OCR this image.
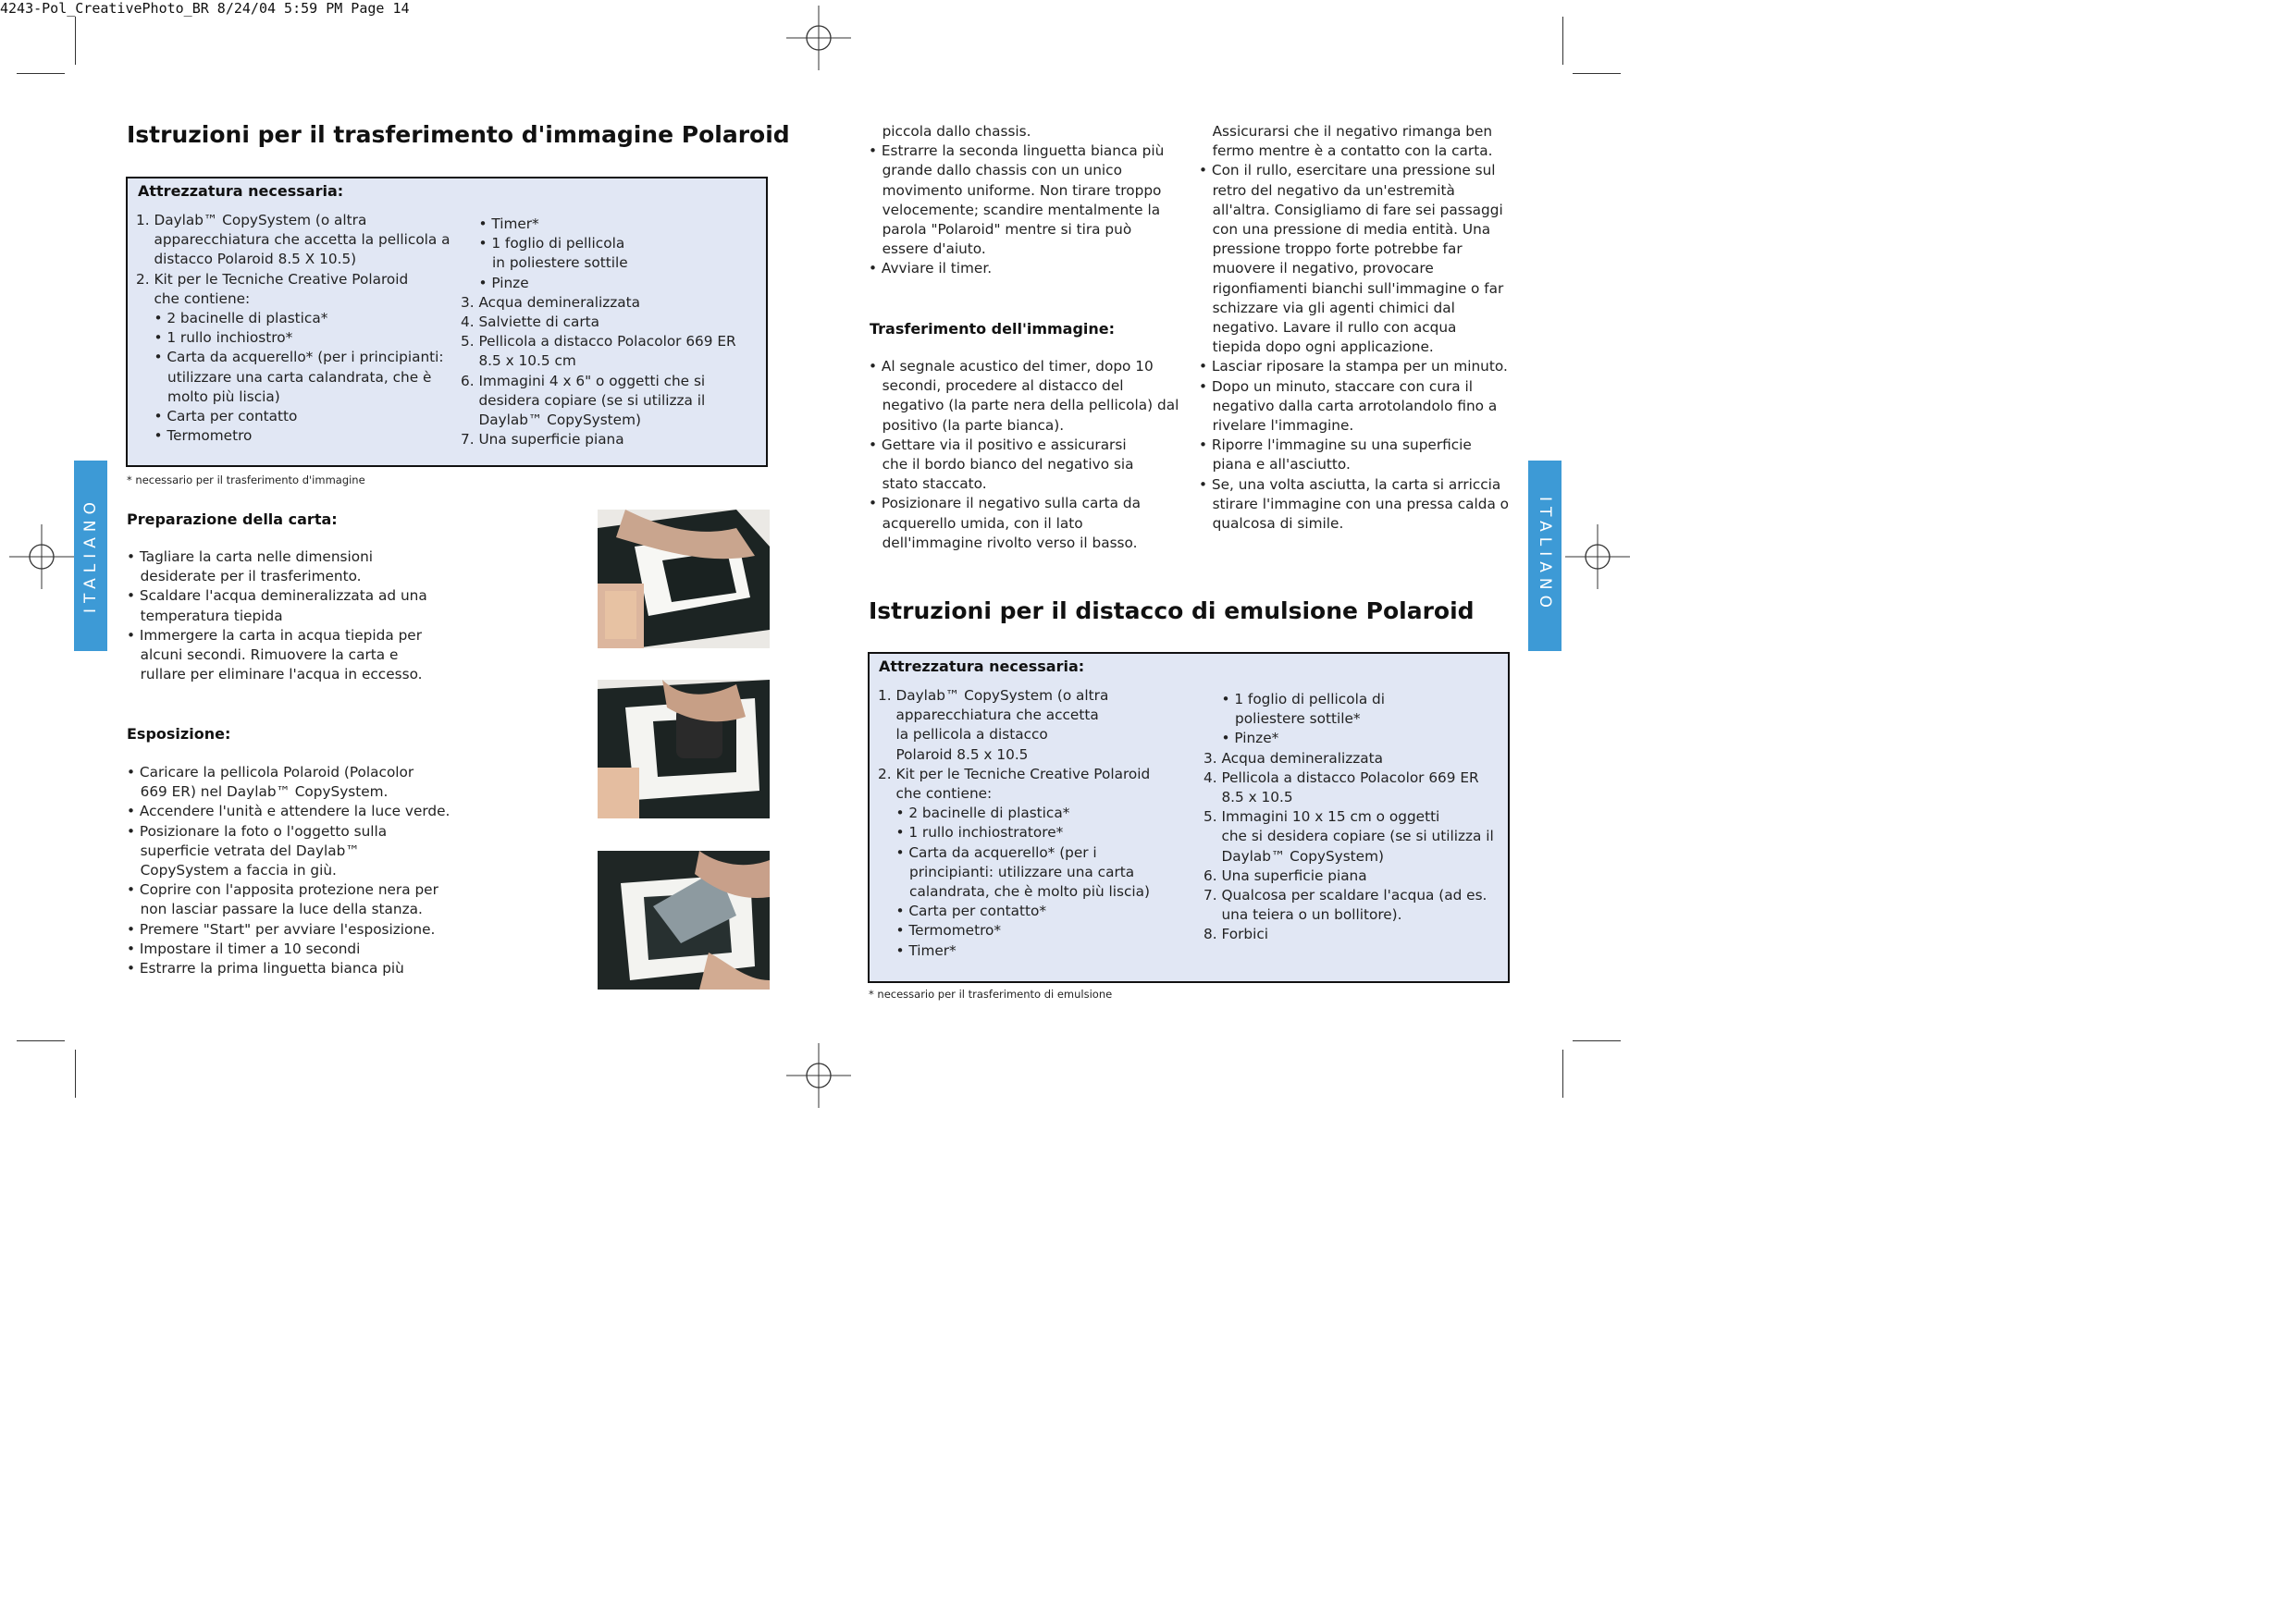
4243-Pol_CreativePhoto_BR 8/24/04 5:59 PM Page 14
ITALIANO	ITALIANO
Istruzioni per il trasferimento d'immagine Polaroid
Attrezzatura necessaria:
1. Daylab™ CopySystem (o altra
apparecchiatura che accetta la pellicola a
distacco Polaroid 8.5 X 10.5)
2. Kit per le Tecniche Creative Polaroid
che contiene:
• 2 bacinelle di plastica*
• 1 rullo inchiostro*
• Carta da acquerello* (per i principianti:
utilizzare una carta calandrata, che è
molto più liscia)
• Carta per contatto
• Termometro
• Timer*
• 1 foglio di pellicola
in poliestere sottile
• Pinze
3. Acqua demineralizzata
4. Salviette di carta
5. Pellicola a distacco Polacolor 669 ER
8.5 x 10.5 cm
6. Immagini 4 x 6" o oggetti che si
desidera copiare (se si utilizza il
Daylab™ CopySystem)
7. Una superficie piana
* necessario per il trasferimento d'immagine
Preparazione della carta:
• Tagliare la carta nelle dimensioni
desiderate per il trasferimento.
• Scaldare l'acqua demineralizzata ad una
temperatura tiepida
• Immergere la carta in acqua tiepida per
alcuni secondi. Rimuovere la carta e
rullare per eliminare l'acqua in eccesso.
Esposizione:
• Caricare la pellicola Polaroid (Polacolor
669 ER) nel Daylab™ CopySystem.
• Accendere l'unità e attendere la luce verde.
• Posizionare la foto o l'oggetto sulla
superficie vetrata del Daylab™
CopySystem a faccia in giù.
• Coprire con l'apposita protezione nera per
non lasciar passare la luce della stanza.
• Premere "Start" per avviare l'esposizione.
• Impostare il timer a 10 secondi
• Estrarre la prima linguetta bianca più
piccola dallo chassis.
• Estrarre la seconda linguetta bianca più
grande dallo chassis con un unico
movimento uniforme. Non tirare troppo
velocemente; scandire mentalmente la
parola "Polaroid" mentre si tira può
essere d'aiuto.
• Avviare il timer.
Trasferimento dell'immagine:
• Al segnale acustico del timer, dopo 10
secondi, procedere al distacco del
negativo (la parte nera della pellicola) dal
positivo (la parte bianca).
• Gettare via il positivo e assicurarsi
che il bordo bianco del negativo sia
stato staccato.
• Posizionare il negativo sulla carta da
acquerello umida, con il lato
dell'immagine rivolto verso il basso.
Assicurarsi che il negativo rimanga ben
fermo mentre è a contatto con la carta.
• Con il rullo, esercitare una pressione sul
retro del negativo da un'estremità
all'altra. Consigliamo di fare sei passaggi
con una pressione di media entità. Una
pressione troppo forte potrebbe far
muovere il negativo, provocare
rigonfiamenti bianchi sull'immagine o far
schizzare via gli agenti chimici dal
negativo. Lavare il rullo con acqua
tiepida dopo ogni applicazione.
• Lasciar riposare la stampa per un minuto.
• Dopo un minuto, staccare con cura il
negativo dalla carta arrotolandolo fino a
rivelare l'immagine.
• Riporre l'immagine su una superficie
piana e all'asciutto.
• Se, una volta asciutta, la carta si arriccia
stirare l'immagine con una pressa calda o
qualcosa di simile.
Istruzioni per il distacco di emulsione Polaroid
Attrezzatura necessaria:
1. Daylab™ CopySystem (o altra
apparecchiatura che accetta
la pellicola a distacco
Polaroid 8.5 x 10.5
2. Kit per le Tecniche Creative Polaroid
che contiene:
• 2 bacinelle di plastica*
• 1 rullo inchiostratore*
• Carta da acquerello* (per i
principianti: utilizzare una carta
calandrata, che è molto più liscia)
• Carta per contatto*
• Termometro*
• Timer*
• 1 foglio di pellicola di
poliestere sottile*
• Pinze*
3. Acqua demineralizzata
4. Pellicola a distacco Polacolor 669 ER
8.5 x 10.5
5. Immagini 10 x 15 cm o oggetti
che si desidera copiare (se si utilizza il
Daylab™ CopySystem)
6. Una superficie piana
7. Qualcosa per scaldare l'acqua (ad es.
una teiera o un bollitore).
8. Forbici
* necessario per il trasferimento di emulsione
